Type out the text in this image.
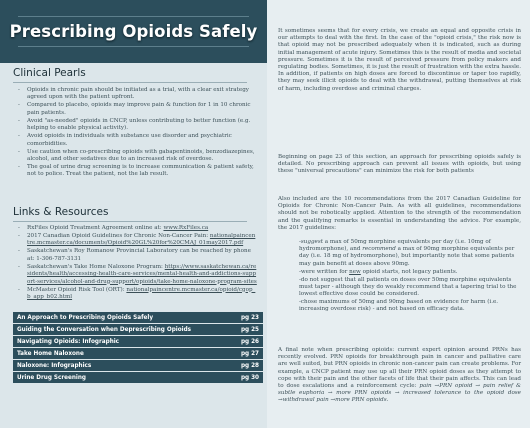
Prescribing Opioids Safely
Clinical Pearls
- Opioids in chronic pain should be initiated as a trial, with a clear exit strategy agreed upon with the patient upfront.
- Compared to placebo, opioids may improve pain & function for 1 in 10 chronic pain patients.
- Avoid "as-needed" opioids in CNCP, unless contributing to better function (e.g. helping to enable physical activity).
- Avoid opioids in individuals with substance use disorder and psychiatric comorbidities.
- Use caution when co-prescribing opioids with gabapentinoids, benzodiazepines, alcohol, and other sedatives due to an increased risk of overdose.
- The goal of urine drug screening is to increase communication & patient safety, not to police. Treat the patient, not the lab result.
Links & Resources
- RxFiles Opioid Treatment Agreement online at: www.RxFiles.ca
- 2017 Canadian Opioid Guidelines for Chronic Non-Cancer Pain: nationalpaincentre.mcmaster.ca/documents/Opioid%20GL%20for%20CMAJ_01may2017.pdf
- Saskatchewan's Roy Romanow Provincial Laboratory can be reached by phone at: 1-306-787-3131
- Saskatchewan's Take Home Naloxone Program: https://www.saskatchewan.ca/residents/health/accessing-health-care-services/mental-health-and-addictions-support-services/alcohol-and-drug-support/opioids/take-home-naloxone-program-sites
- McMaster Opioid Risk Tool (ORT): nationalpaincentre.mcmaster.ca/opioid/cgop_b_app_b02.html
An Approach to Prescribing Opioids Safely	pg 23
Guiding the Conversation when Deprescribing Opioids	pg 25
Navigating Opioids: Infographic	pg 26
Take Home Naloxone	pg 27
Naloxone: Infographics	pg 28
Urine Drug Screening	pg 30

It sometimes seems that for every crisis, we create an equal and opposite crisis in our attempts to deal with the first. In the case of the "opioid crisis," the risk now is that opioid may not be prescribed adequately when it is indicated, such as during initial management of acute injury. Sometimes this is the result of media and societal pressure. Sometimes it is the result of perceived pressure from policy makers and regulating bodies. Sometimes, it is just the result of frustration with the extra hassle. In addition, if patients on high doses are forced to discontinue or taper too rapidly, they may seek illicit opioids to deal with the withdrawal, putting themselves at risk of harm, including overdose and criminal charges.

Beginning on page 23 of this section, an approach for prescribing opioids safely is detailed. No prescribing approach can prevent all issues with opioids, but using these "universal precautions" can minimize the risk for both patients

Also included are the 10 recommendations from the 2017 Canadian Guideline for Opioids for Chronic Non-Cancer Pain. As with all guidelines, recommendations should not be robotically applied. Attention to the strength of the recommendation and the qualifying remarks is essential in understanding the advice. For example, the 2017 guidelines:

-suggest a max of 50mg morphine equivalents per day (i.e. 10mg of hydromorphone), and recommend a max of 90mg morphine equivalents per day (i.e. 18 mg of hydromorphone), but importantly note that some patients may gain benefit at doses above 90mg.

-were written for new opioid starts, not legacy patients.

-do not suggest that all patients on doses over 50mg morphine equivalents must taper - although they do weakly recommend that a tapering trial to the lowest effective dose could be considered.

-chose maximums of 50mg and 90mg based on evidence for harm (i.e. increasing overdose risk) - and not based on efficacy data.

A final note when prescribing opioids: current expert opinion around PRNs has recently evolved. PRN opioids for breakthrough pain in cancer and palliative care are well suited, but PRN opioids in chronic non-cancer pain can create problems. For example, a CNCP patient may use up all their PRN opioid doses as they attempt to cope with their pain and the other facets of life that their pain affects. This can lead to dose escalations and a reinforcement cycle: pain →PRN opioid → pain relief & subtle euphoria → more PRN opioids → increased tolerance to the opioid dose →withdrawal pain →more PRN opioids.
